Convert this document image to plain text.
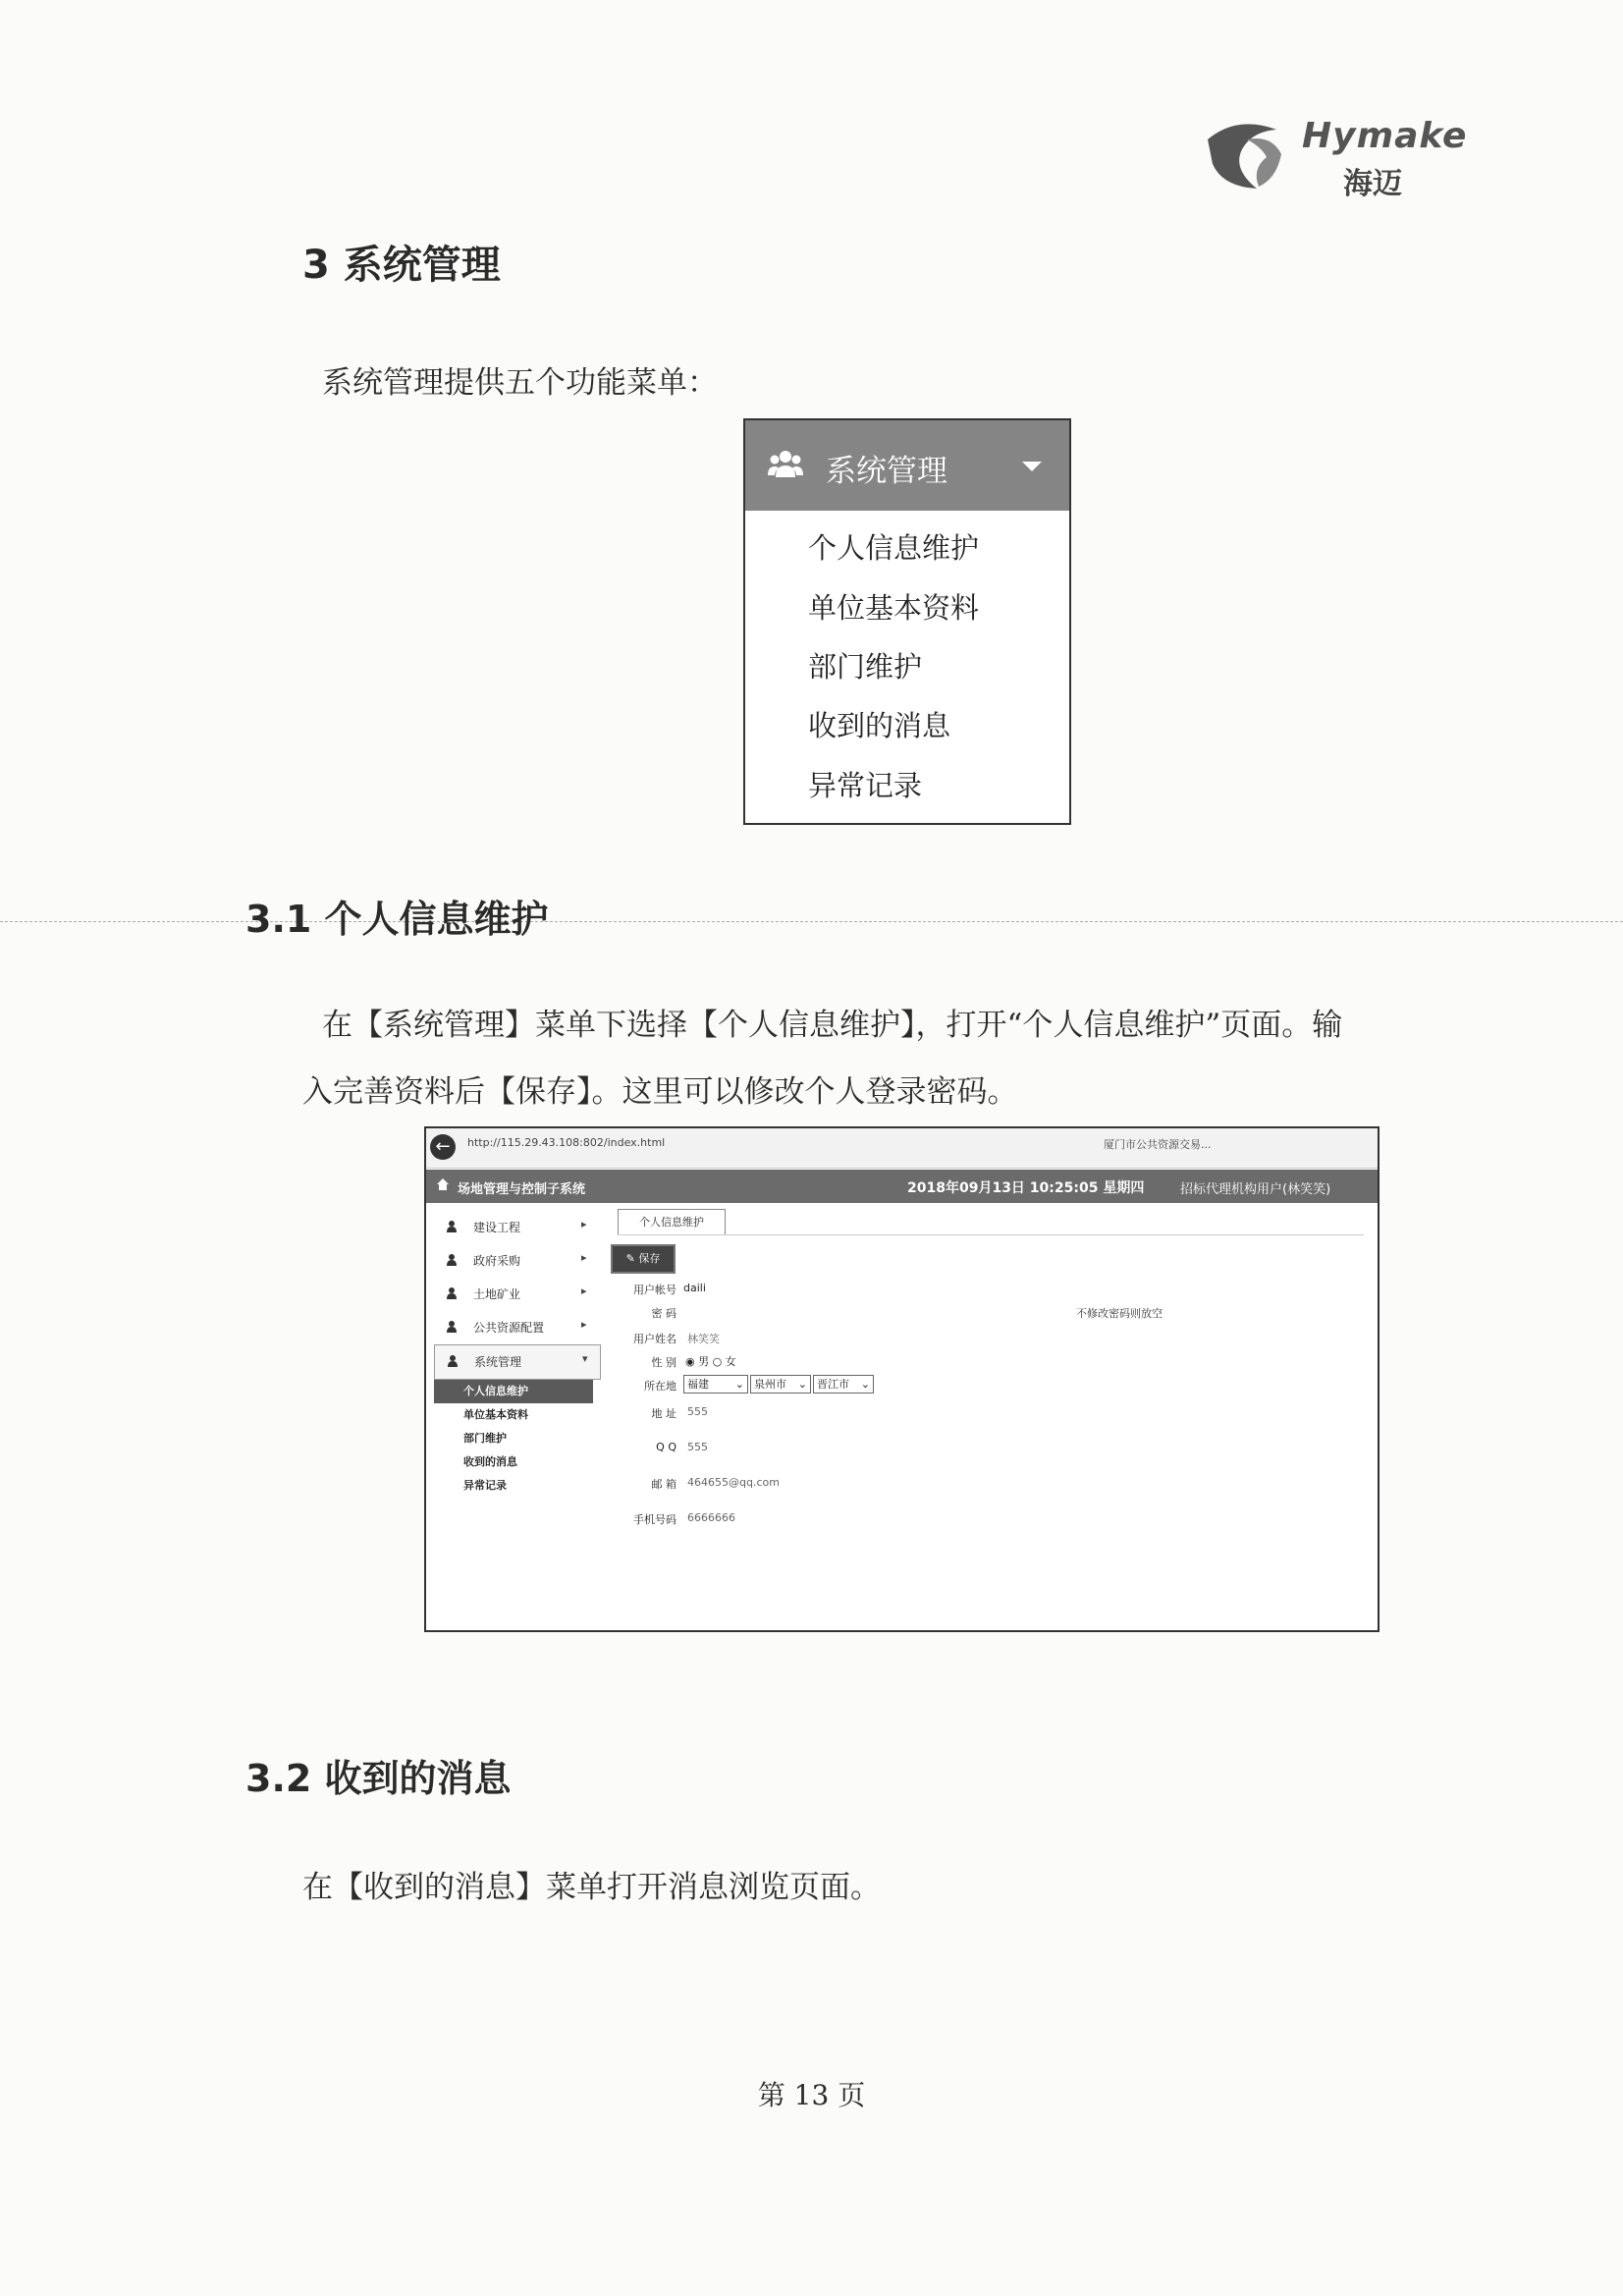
Hymake
海迈
3 系统管理
系统管理提供五个功能菜单：
系统管理
个人信息维护
单位基本资料
部门维护
收到的消息
异常记录
3.1 个人信息维护
在【系统管理】菜单下选择【个人信息维护】，打开“个人信息维护”页面。输
入完善资料后【保存】。这里可以修改个人登录密码。
←	http://115.29.43.108:802/index.html	厦门市公共资源交易...
场地管理与控制子系统	2018年09月13日 10:25:05 星期四	招标代理机构用户(林笑笑)
建设工程	▸
政府采购	▸
土地矿业	▸
公共资源配置	▸
系统管理	▾
个人信息维护
单位基本资料
部门维护
收到的消息
异常记录
个人信息维护
✎ 保存
用户帐号 daili
密 码	不修改密码则放空
用户姓名 林笑笑
性 别 ◉ 男 ○ 女
所在地	福建 ⌄ 泉州市 ⌄ 晋江市 ⌄
地 址 555
Q Q 555
邮 箱 464655@qq.com
手机号码 6666666
3.2 收到的消息
在【收到的消息】菜单打开消息浏览页面。
第 13 页
